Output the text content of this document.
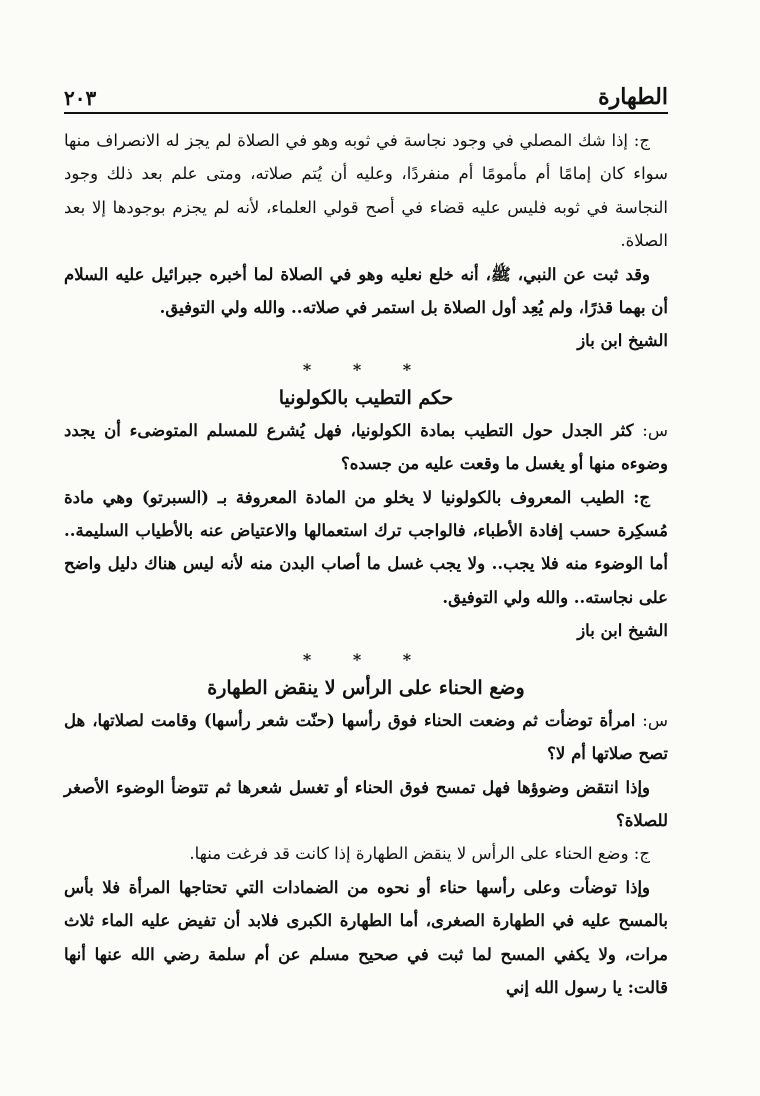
الطهارة
٢٠٣

ج: إذا شك المصلي في وجود نجاسة في ثوبه وهو في الصلاة لم يجز له الانصراف منها سواء كان إمامًا أم مأمومًا أم منفردًا، وعليه أن يُتم صلاته، ومتى علم بعد ذلك وجود النجاسة في ثوبه فليس عليه قضاء في أصح قولي العلماء، لأنه لم يجزم بوجودها إلا بعد الصلاة.

وقد ثبت عن النبي، ﷺ، أنه خلع نعليه وهو في الصلاة لما أخبره جبرائيل عليه السلام أن بهما قذرًا، ولم يُعِد أول الصلاة بل استمر في صلاته.. والله ولي التوفيق.

الشيخ ابن باز

* * *

حكم التطيب بالكولونيا

س: كثر الجدل حول التطيب بمادة الكولونيا، فهل يُشرع للمسلم المتوضىء أن يجدد وضوءه منها أو يغسل ما وقعت عليه من جسده؟

ج: الطيب المعروف بالكولونيا لا يخلو من المادة المعروفة بـ (السبرتو) وهي مادة مُسكِرة حسب إفادة الأطباء، فالواجب ترك استعمالها والاعتياض عنه بالأطياب السليمة.. أما الوضوء منه فلا يجب.. ولا يجب غسل ما أصاب البدن منه لأنه ليس هناك دليل واضح على نجاسته.. والله ولي التوفيق.

الشيخ ابن باز

* * *

وضع الحناء على الرأس لا ينقض الطهارة

س: امرأة توضأت ثم وضعت الحناء فوق رأسها (حنّت شعر رأسها) وقامت لصلاتها، هل تصح صلاتها أم لا؟

وإذا انتقض وضوؤها فهل تمسح فوق الحناء أو تغسل شعرها ثم تتوضأ الوضوء الأصغر للصلاة؟

ج: وضع الحناء على الرأس لا ينقض الطهارة إذا كانت قد فرغت منها.

وإذا توضأت وعلى رأسها حناء أو نحوه من الضمادات التي تحتاجها المرأة فلا بأس بالمسح عليه في الطهارة الصغرى، أما الطهارة الكبرى فلابد أن تفيض عليه الماء ثلاث مرات، ولا يكفي المسح لما ثبت في صحيح مسلم عن أم سلمة رضي الله عنها أنها قالت: يا رسول الله إني
